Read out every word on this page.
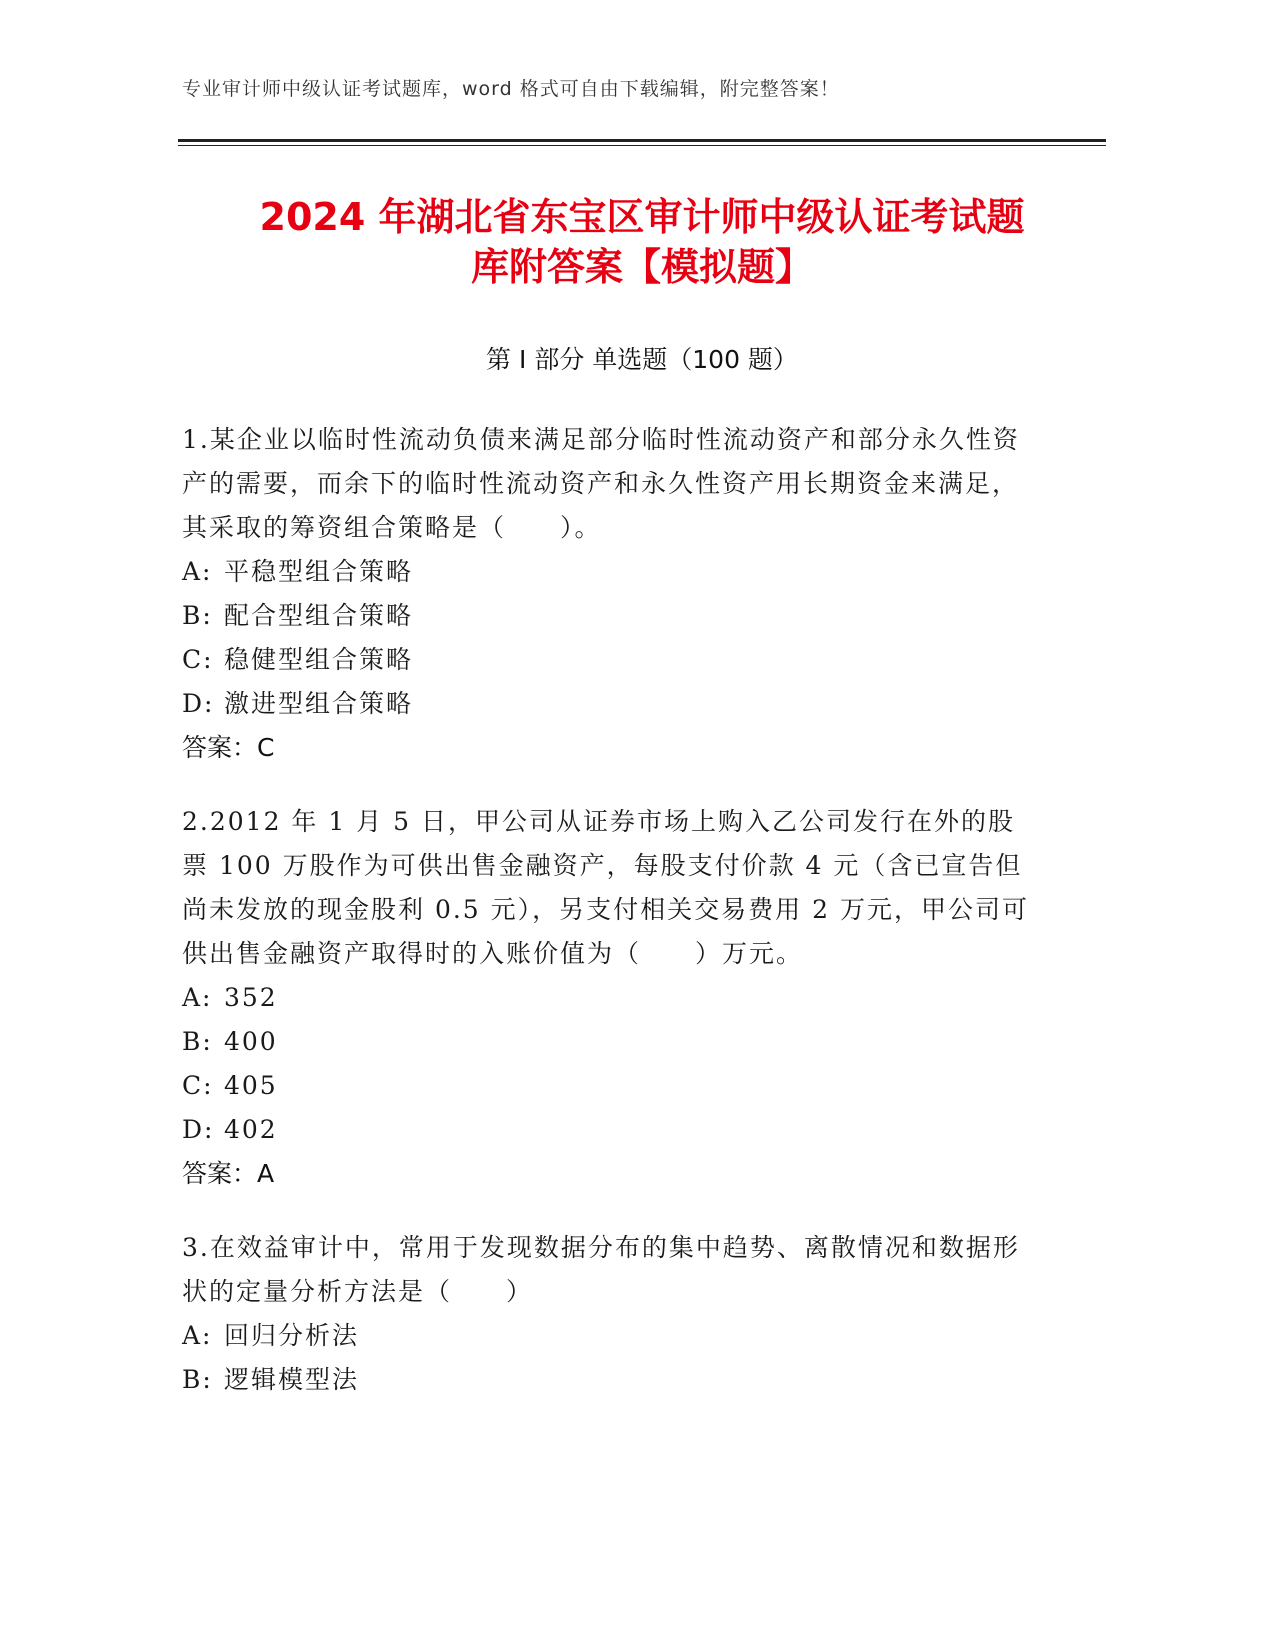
专业审计师中级认证考试题库，word 格式可自由下载编辑，附完整答案！
2024 年湖北省东宝区审计师中级认证考试题
库附答案【模拟题】
第 I 部分 单选题（100 题）

1.某企业以临时性流动负债来满足部分临时性流动资产和部分永久性资产的需要，而余下的临时性流动资产和永久性资产用长期资金来满足，其采取的筹资组合策略是（　　）。

A: 平稳型组合策略

B: 配合型组合策略

C: 稳健型组合策略

D: 激进型组合策略

答案：C

2.2012 年 1 月 5 日，甲公司从证券市场上购入乙公司发行在外的股票 100 万股作为可供出售金融资产，每股支付价款 4 元（含已宣告但尚未发放的现金股利 0.5 元），另支付相关交易费用 2 万元，甲公司可供出售金融资产取得时的入账价值为（　　）万元。

A: 352

B: 400

C: 405

D: 402

答案：A

3.在效益审计中，常用于发现数据分布的集中趋势、离散情况和数据形状的定量分析方法是（　　）

A: 回归分析法

B: 逻辑模型法
